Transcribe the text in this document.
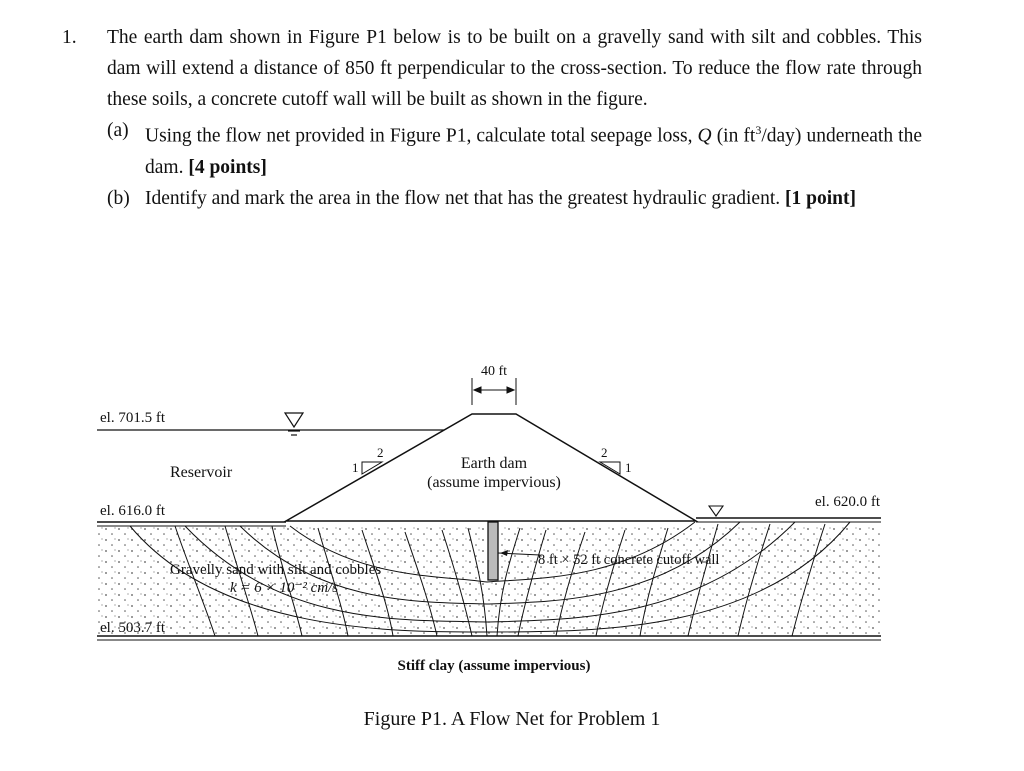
1. The earth dam shown in Figure P1 below is to be built on a gravelly sand with silt and cobbles. This dam will extend a distance of 850 ft perpendicular to the cross-section. To reduce the flow rate through these soils, a concrete cutoff wall will be built as shown in the figure.
(a) Using the flow net provided in Figure P1, calculate total seepage loss, Q (in $ft^3/day$) underneath the dam. [4 points]
(b) Identify and mark the area in the flow net that has the greatest hydraulic gradient. [1 point]
40 ft
el. 701.5 ft
Reservoir
Earth dam
(assume impervious)
1
2	2
1
el. 616.0 ft
el. 620.0 ft
8 ft × 52 ft concrete cutoff wall
Gravelly sand with silt and cobbles
k = 6 × 10⁻² cm/s
el. 503.7 ft
Stiff clay (assume impervious)
Figure P1. A Flow Net for Problem 1
